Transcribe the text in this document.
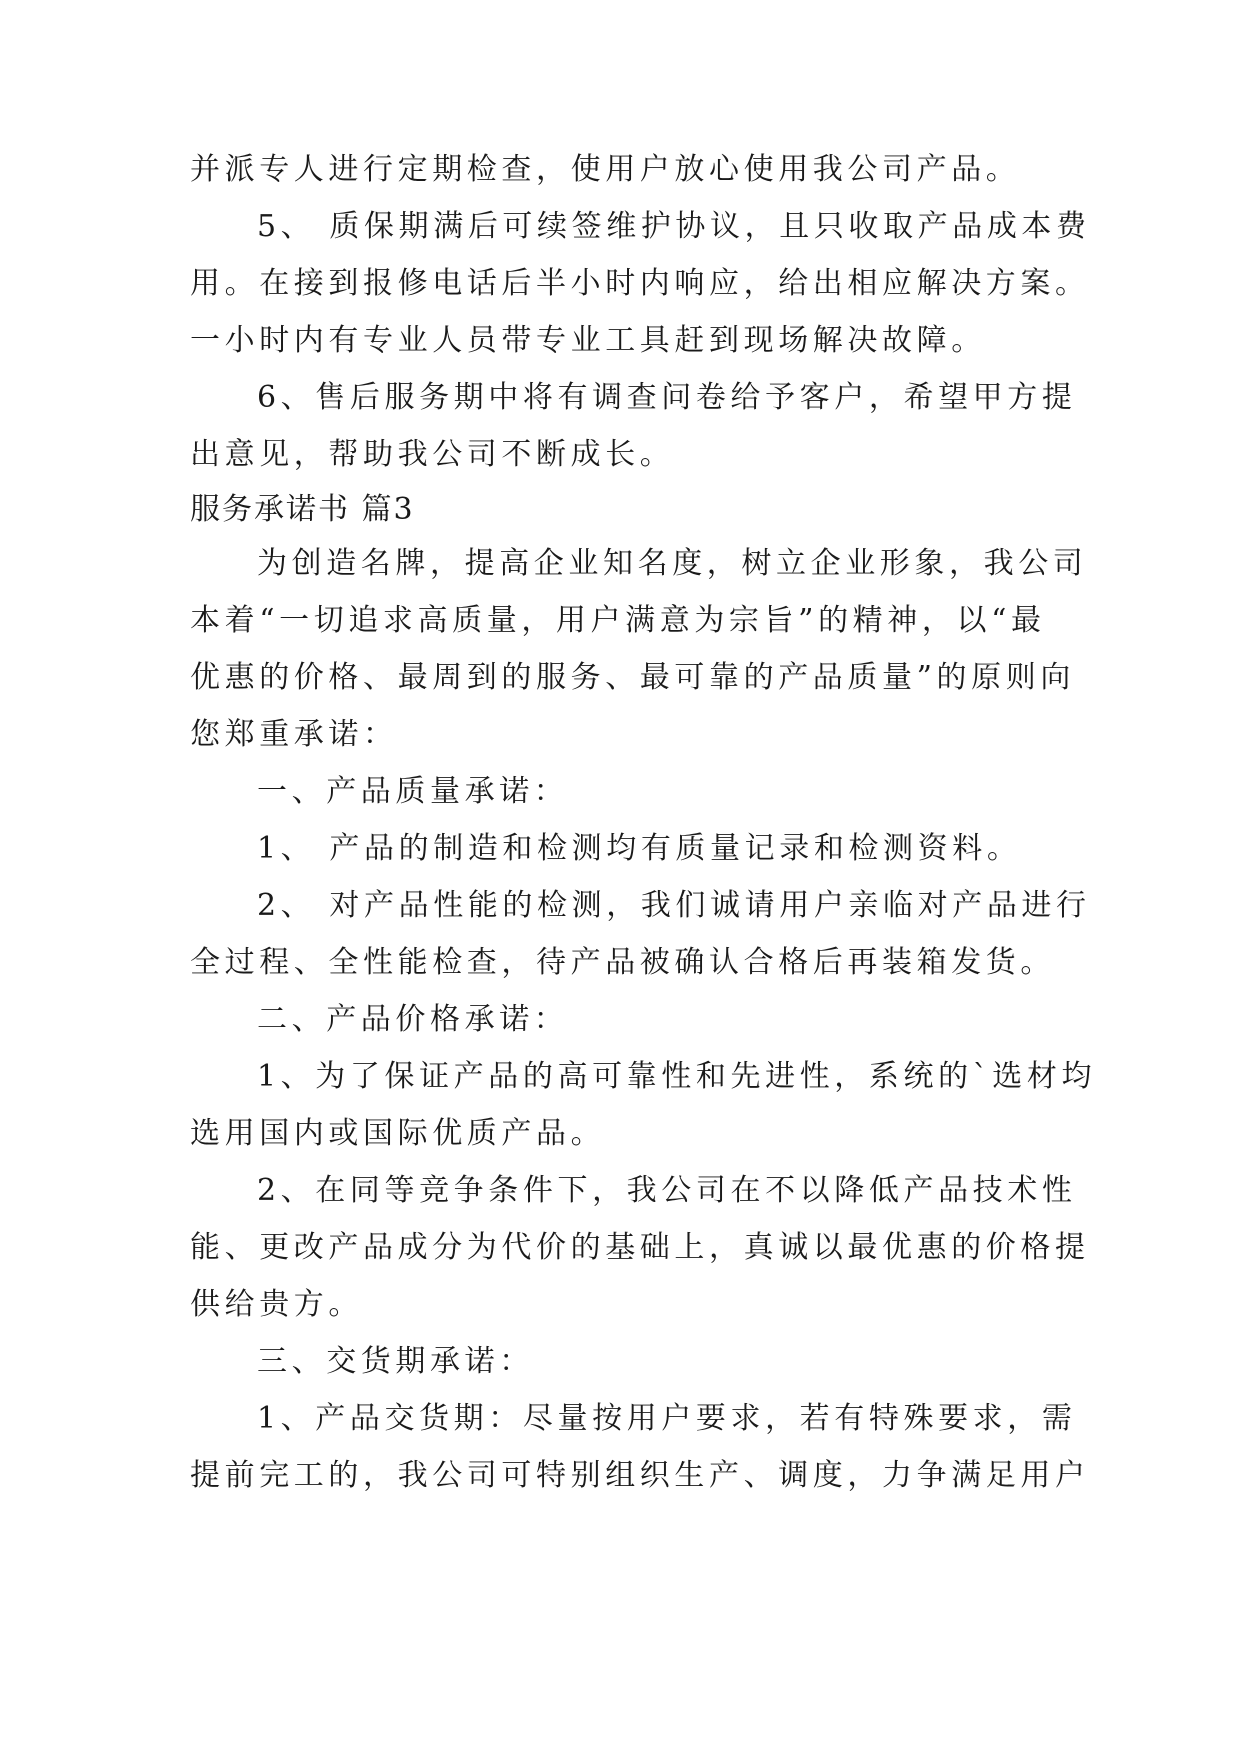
并派专人进行定期检查，使用户放心使用我公司产品。
5、 质保期满后可续签维护协议，且只收取产品成本费
用。在接到报修电话后半小时内响应，给出相应解决方案。
一小时内有专业人员带专业工具赶到现场解决故障。
6、售后服务期中将有调查问卷给予客户，希望甲方提
出意见，帮助我公司不断成长。
服务承诺书 篇3
为创造名牌，提高企业知名度，树立企业形象，我公司
本着“一切追求高质量，用户满意为宗旨”的精神，以“最
优惠的价格、最周到的服务、最可靠的产品质量”的原则向
您郑重承诺：
一、产品质量承诺：
1、 产品的制造和检测均有质量记录和检测资料。
2、 对产品性能的检测，我们诚请用户亲临对产品进行
全过程、全性能检查，待产品被确认合格后再装箱发货。
二、产品价格承诺：
1、为了保证产品的高可靠性和先进性，系统的`选材均
选用国内或国际优质产品。
2、在同等竞争条件下，我公司在不以降低产品技术性
能、更改产品成分为代价的基础上，真诚以最优惠的价格提
供给贵方。
三、交货期承诺：
1、产品交货期：尽量按用户要求，若有特殊要求，需
提前完工的，我公司可特别组织生产、调度，力争满足用户
